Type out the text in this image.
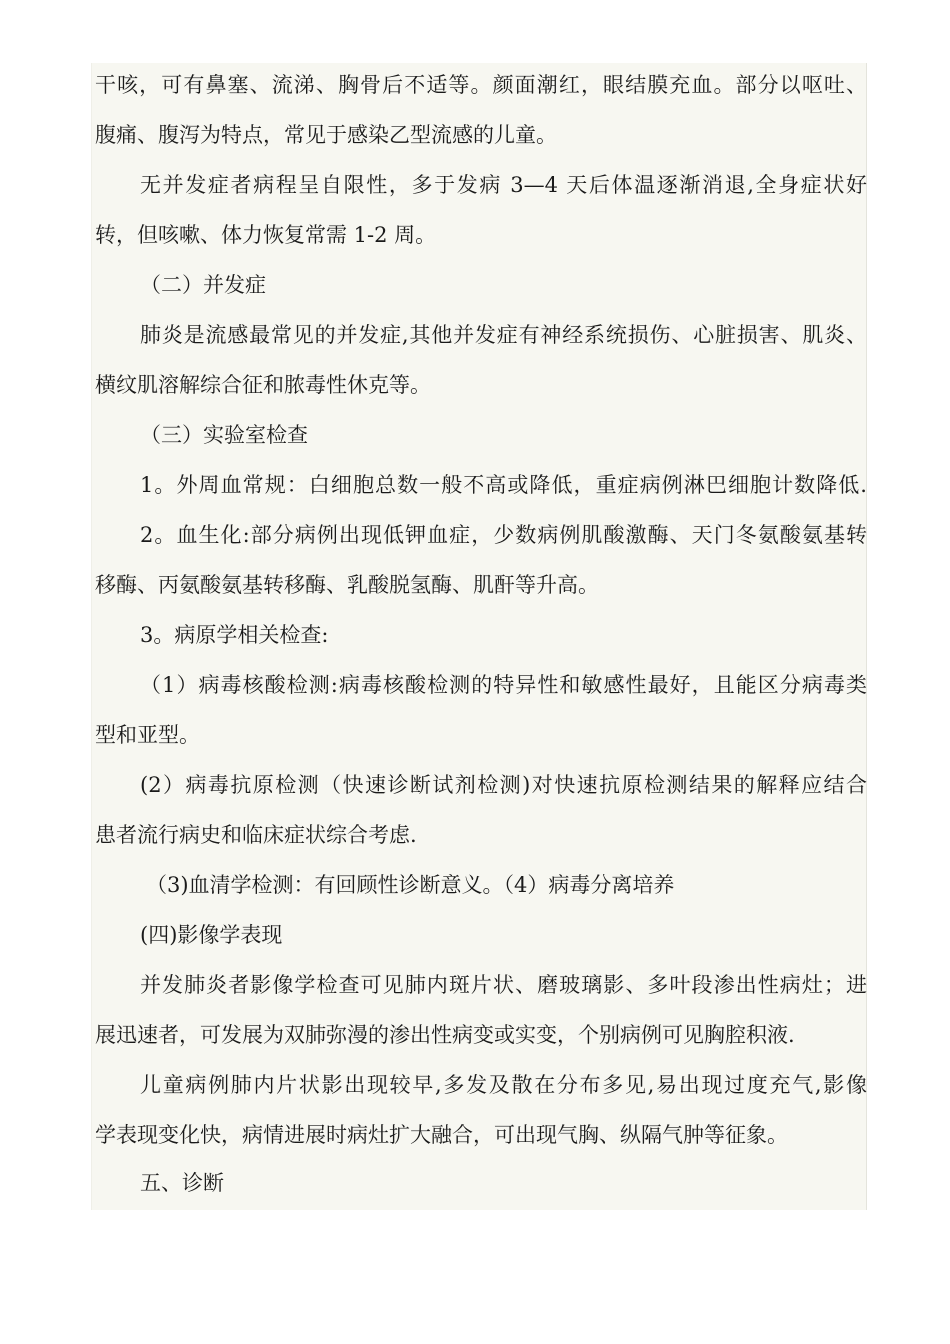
干咳，可有鼻塞、流涕、胸骨后不适等。颜面潮红，眼结膜充血。部分以呕吐、
腹痛、腹泻为特点，常见于感染乙型流感的儿童。
无并发症者病程呈自限性，多于发病 3—4 天后体温逐渐消退,全身症状好
转，但咳嗽、体力恢复常需 1-2 周。
（二）并发症
肺炎是流感最常见的并发症,其他并发症有神经系统损伤、心脏损害、肌炎、
横纹肌溶解综合征和脓毒性休克等。
（三）实验室检查
1。外周血常规：白细胞总数一般不高或降低，重症病例淋巴细胞计数降低.
2。血生化:部分病例出现低钾血症，少数病例肌酸激酶、天门冬氨酸氨基转
移酶、丙氨酸氨基转移酶、乳酸脱氢酶、肌酐等升高。
3。病原学相关检查:
（1）病毒核酸检测:病毒核酸检测的特异性和敏感性最好，且能区分病毒类
型和亚型。
(2）病毒抗原检测（快速诊断试剂检测)对快速抗原检测结果的解释应结合
患者流行病史和临床症状综合考虑.
（3)血清学检测：有回顾性诊断意义。（4）病毒分离培养
(四)影像学表现
并发肺炎者影像学检查可见肺内斑片状、磨玻璃影、多叶段渗出性病灶；进
展迅速者，可发展为双肺弥漫的渗出性病变或实变，个别病例可见胸腔积液.
儿童病例肺内片状影出现较早,多发及散在分布多见,易出现过度充气,影像
学表现变化快，病情进展时病灶扩大融合，可出现气胸、纵隔气肿等征象。
五、诊断
